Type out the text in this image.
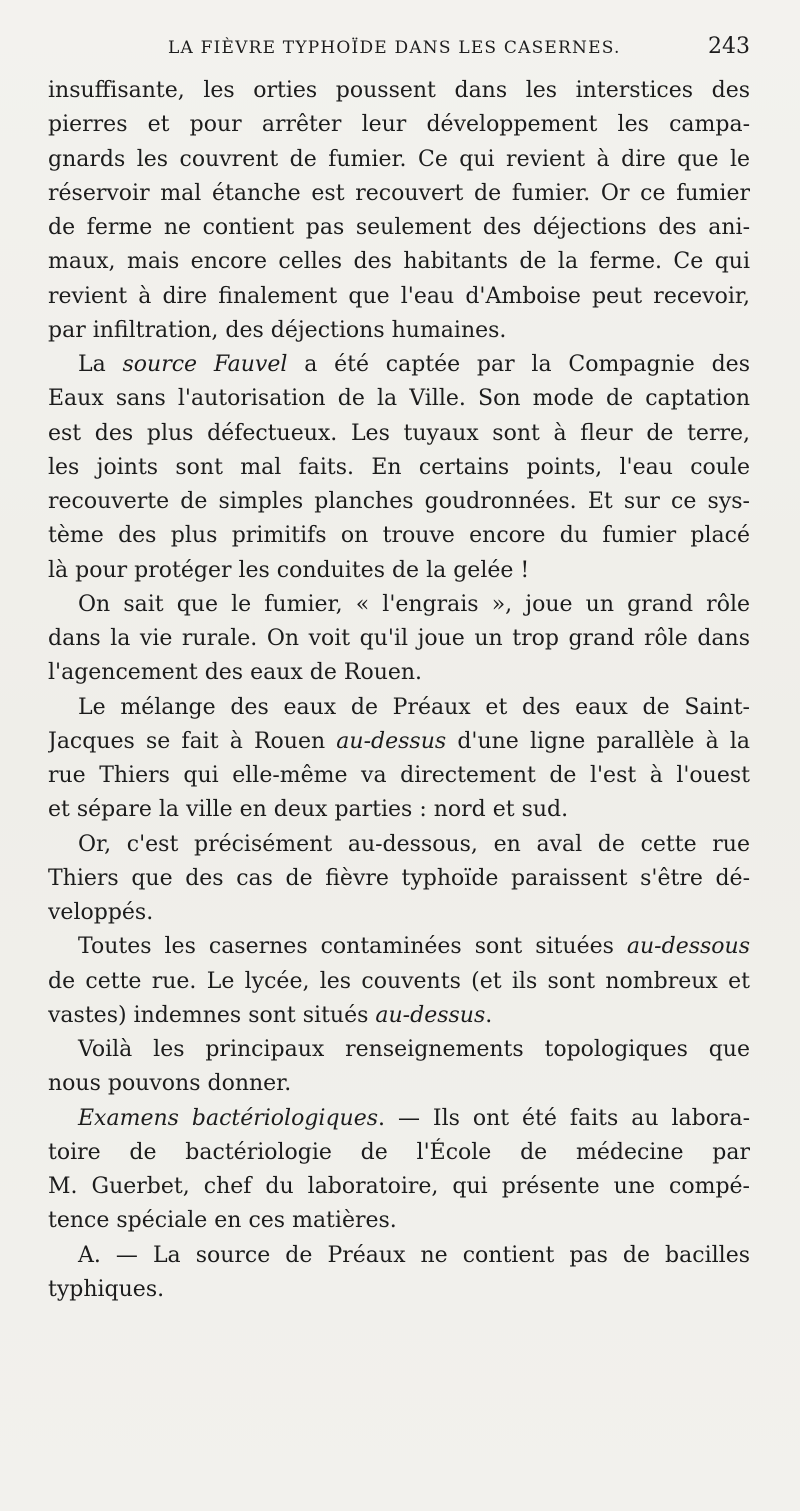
LA FIÈVRE TYPHOÏDE DANS LES CASERNES.	243
insuffisante, les orties poussent dans les interstices des
pierres et pour arrêter leur développement les campa-
gnards les couvrent de fumier. Ce qui revient à dire que le
réservoir mal étanche est recouvert de fumier. Or ce fumier
de ferme ne contient pas seulement des déjections des ani-
maux, mais encore celles des habitants de la ferme. Ce qui
revient à dire finalement que l'eau d'Amboise peut recevoir,
par infiltration, des déjections humaines.
La source Fauvel a été captée par la Compagnie des
Eaux sans l'autorisation de la Ville. Son mode de captation
est des plus défectueux. Les tuyaux sont à fleur de terre,
les joints sont mal faits. En certains points, l'eau coule
recouverte de simples planches goudronnées. Et sur ce sys-
tème des plus primitifs on trouve encore du fumier placé
là pour protéger les conduites de la gelée !
On sait que le fumier, « l'engrais », joue un grand rôle
dans la vie rurale. On voit qu'il joue un trop grand rôle dans
l'agencement des eaux de Rouen.
Le mélange des eaux de Préaux et des eaux de Saint-
Jacques se fait à Rouen au-dessus d'une ligne parallèle à la
rue Thiers qui elle-même va directement de l'est à l'ouest
et sépare la ville en deux parties : nord et sud.
Or, c'est précisément au-dessous, en aval de cette rue
Thiers que des cas de fièvre typhoïde paraissent s'être dé-
veloppés.
Toutes les casernes contaminées sont situées au-dessous
de cette rue. Le lycée, les couvents (et ils sont nombreux et
vastes) indemnes sont situés au-dessus.
Voilà les principaux renseignements topologiques que
nous pouvons donner.
Examens bactériologiques. — Ils ont été faits au labora-
toire de bactériologie de l'École de médecine par
M. Guerbet, chef du laboratoire, qui présente une compé-
tence spéciale en ces matières.
A. — La source de Préaux ne contient pas de bacilles
typhiques.
